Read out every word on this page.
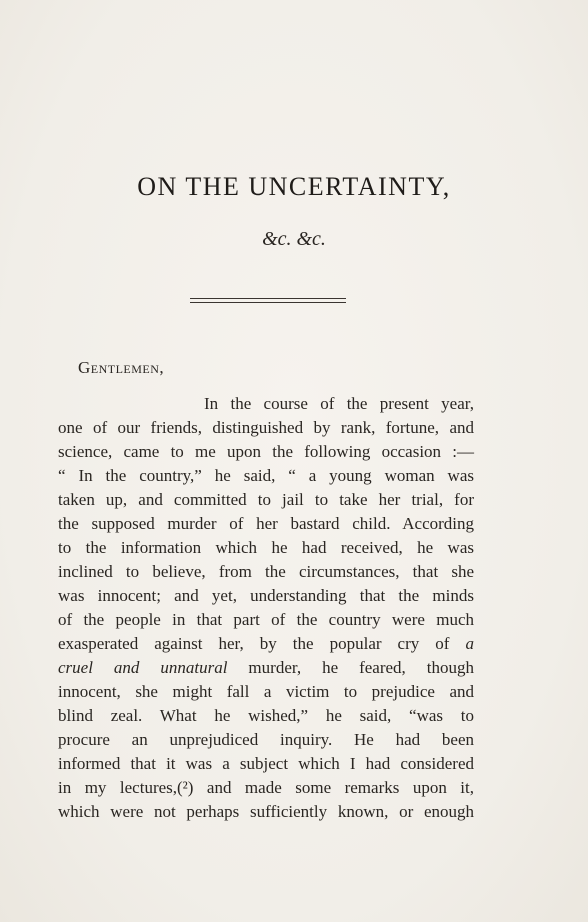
ON THE UNCERTAINTY,
&c. &c.
Gentlemen,
In the course of the present year,
one of our friends, distinguished by rank, fortune, and
science, came to me upon the following occasion :—
“ In the country,” he said, “ a young woman was
taken up, and committed to jail to take her trial, for
the supposed murder of her bastard child. According
to the information which he had received, he was
inclined to believe, from the circumstances, that she
was innocent; and yet, understanding that the minds
of the people in that part of the country were much
exasperated against her, by the popular cry of a
cruel and unnatural murder, he feared, though
innocent, she might fall a victim to prejudice and
blind zeal. What he wished,” he said, “was to
procure an unprejudiced inquiry. He had been
informed that it was a subject which I had considered
in my lectures,(²) and made some remarks upon it,
which were not perhaps sufficiently known, or enough
